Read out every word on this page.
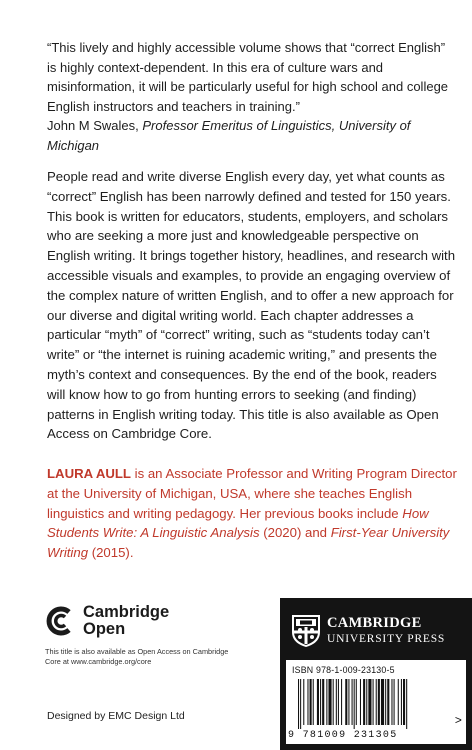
“This lively and highly accessible volume shows that “correct English” is highly context-dependent. In this era of culture wars and misinformation, it will be particularly useful for high school and college English instructors and teachers in training.”

John M Swales, Professor Emeritus of Linguistics, University of Michigan

People read and write diverse English every day, yet what counts as “correct” English has been narrowly defined and tested for 150 years. This book is written for educators, students, employers, and scholars who are seeking a more just and knowledgeable perspective on English writing. It brings together history, headlines, and research with accessible visuals and examples, to provide an engaging overview of the complex nature of written English, and to offer a new approach for our diverse and digital writing world. Each chapter addresses a particular “myth” of “correct” writing, such as “students today can’t write” or “the internet is ruining academic writing,” and presents the myth’s context and consequences. By the end of the book, readers will know how to go from hunting errors to seeking (and finding) patterns in English writing today. This title is also available as Open Access on Cambridge Core.

LAURA AULL is an Associate Professor and Writing Program Director at the University of Michigan, USA, where she teaches English linguistics and writing pedagogy. Her previous books include How Students Write: A Linguistic Analysis (2020) and First-Year University Writing (2015).

Cambridge
Open
This title is also available as Open Access on Cambridge Core at www.cambridge.org/core
Designed by EMC Design Ltd
CAMBRIDGE
UNIVERSITY PRESS
ISBN 978-1-009-23130-5
9 781009 231305
>
